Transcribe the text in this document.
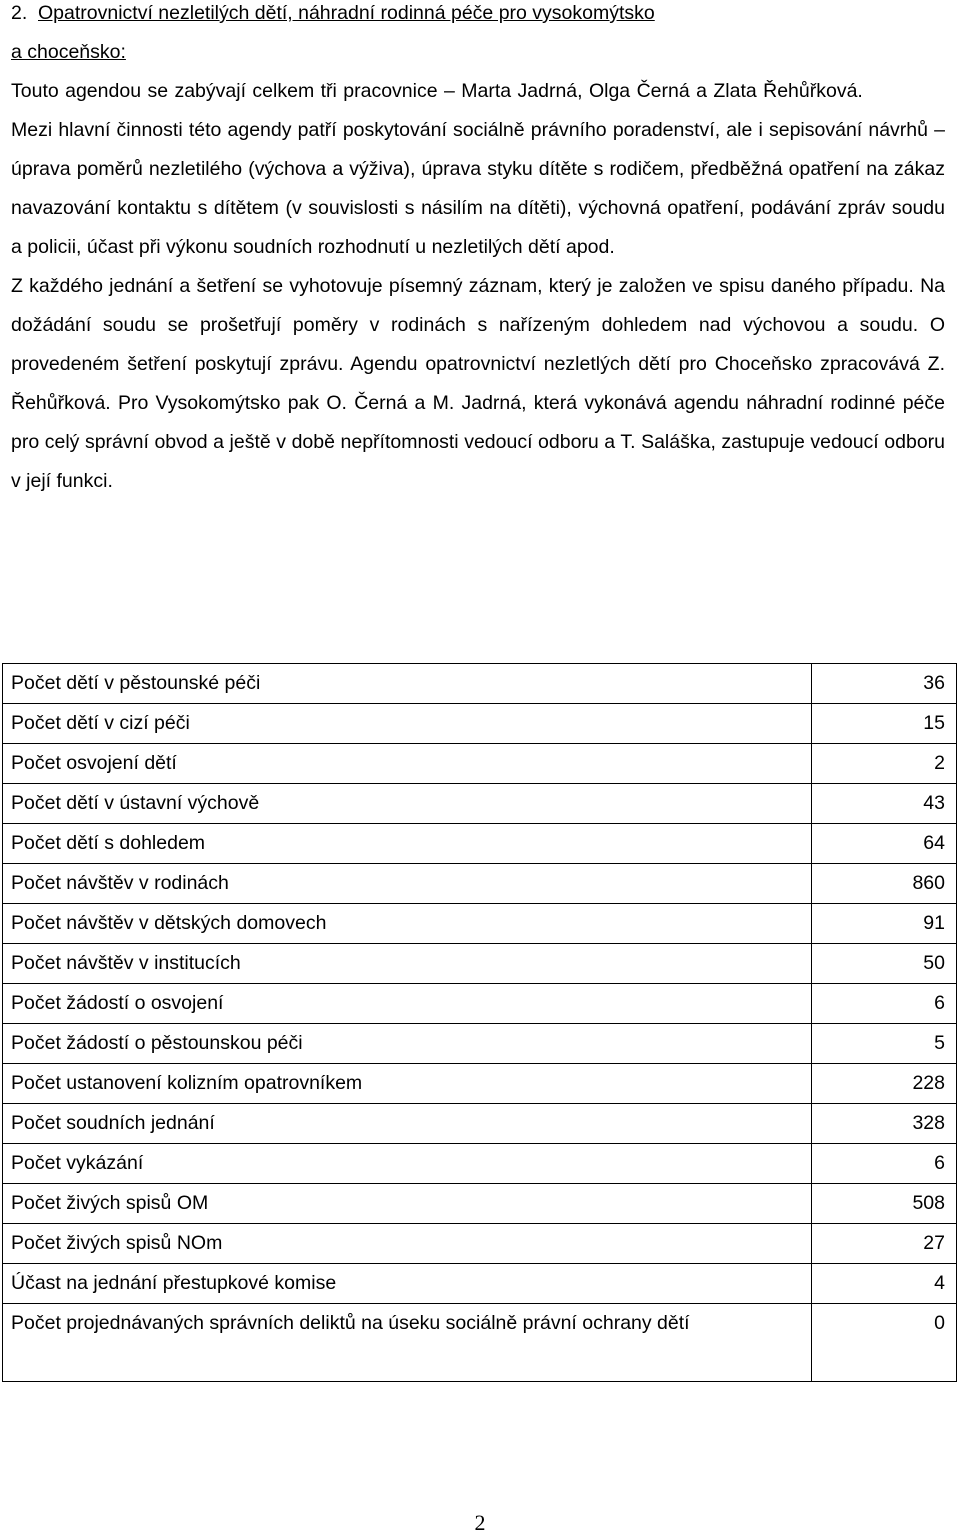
2. Opatrovnictví nezletilých dětí, náhradní rodinná péče pro vysokomýtsko
a choceňsko:

Touto agendou se zabývají celkem tři pracovnice – Marta Jadrná, Olga Černá a Zlata Řehůřková.

Mezi hlavní činnosti této agendy patří poskytování sociálně právního poradenství, ale i sepisování návrhů – úprava poměrů nezletilého (výchova a výživa), úprava styku dítěte s rodičem, předběžná opatření na zákaz navazování kontaktu s dítětem (v souvislosti s násilím na dítěti), výchovná opatření, podávání zpráv soudu a policii, účast při výkonu soudních rozhodnutí u nezletilých dětí apod.

Z každého jednání a šetření se vyhotovuje písemný záznam, který je založen ve spisu daného případu. Na dožádání soudu se prošetřují poměry v rodinách s nařízeným dohledem nad výchovou a soudu. O provedeném šetření poskytují zprávu. Agendu opatrovnictví nezletlých dětí pro Choceňsko zpracovává Z. Řehůřková. Pro Vysokomýtsko pak O. Černá a M. Jadrná, která vykonává agendu náhradní rodinné péče pro celý správní obvod a ještě v době nepřítomnosti vedoucí odboru a T. Saláška, zastupuje vedoucí odboru v její funkci.

Počet dětí v pěstounské péči	36
Počet dětí v cizí péči	15
Počet osvojení dětí	2
Počet dětí v ústavní výchově	43
Počet dětí s dohledem	64
Počet návštěv v rodinách	860
Počet návštěv v dětských domovech	91
Počet návštěv v institucích	50
Počet žádostí o osvojení	6
Počet žádostí o pěstounskou péči	5
Počet ustanovení kolizním opatrovníkem	228
Počet soudních jednání	328
Počet vykázání	6
Počet živých spisů OM	508
Počet živých spisů NOm	27
Účast na jednání přestupkové komise	4
Počet projednávaných správních deliktů na úseku sociálně právní ochrany dětí	0
2
